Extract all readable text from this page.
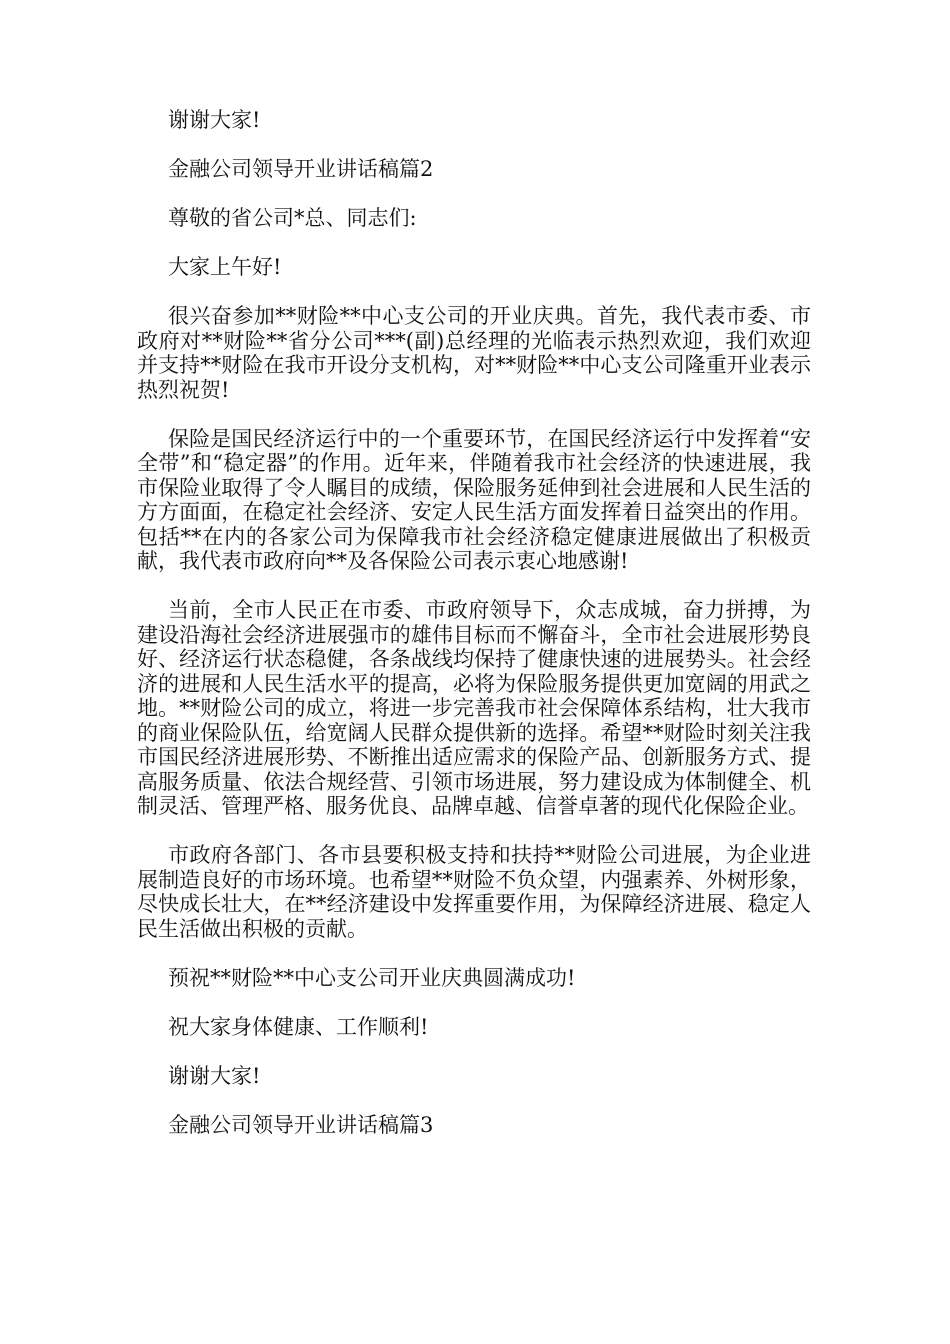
谢谢大家!

金融公司领导开业讲话稿篇2

尊敬的省公司*总、同志们:

大家上午好!

很兴奋参加**财险**中心支公司的开业庆典。首先，我代表市委、市政府对**财险**省分公司***(副)总经理的光临表示热烈欢迎，我们欢迎并支持**财险在我市开设分支机构，对**财险**中心支公司隆重开业表示热烈祝贺!

保险是国民经济运行中的一个重要环节，在国民经济运行中发挥着“安全带”和“稳定器”的作用。近年来，伴随着我市社会经济的快速进展，我市保险业取得了令人瞩目的成绩，保险服务延伸到社会进展和人民生活的方方面面，在稳定社会经济、安定人民生活方面发挥着日益突出的作用。包括**在内的各家公司为保障我市社会经济稳定健康进展做出了积极贡献，我代表市政府向**及各保险公司表示衷心地感谢!

当前，全市人民正在市委、市政府领导下，众志成城，奋力拼搏，为建设沿海社会经济进展强市的雄伟目标而不懈奋斗，全市社会进展形势良好、经济运行状态稳健，各条战线均保持了健康快速的进展势头。社会经济的进展和人民生活水平的提高，必将为保险服务提供更加宽阔的用武之地。**财险公司的成立，将进一步完善我市社会保障体系结构，壮大我市的商业保险队伍，给宽阔人民群众提供新的选择。希望**财险时刻关注我市国民经济进展形势、不断推出适应需求的保险产品、创新服务方式、提高服务质量、依法合规经营、引领市场进展，努力建设成为体制健全、机制灵活、管理严格、服务优良、品牌卓越、信誉卓著的现代化保险企业。

市政府各部门、各市县要积极支持和扶持**财险公司进展，为企业进展制造良好的市场环境。也希望**财险不负众望，内强素养、外树形象，尽快成长壮大，在**经济建设中发挥重要作用，为保障经济进展、稳定人民生活做出积极的贡献。

预祝**财险**中心支公司开业庆典圆满成功!

祝大家身体健康、工作顺利!

谢谢大家!

金融公司领导开业讲话稿篇3
